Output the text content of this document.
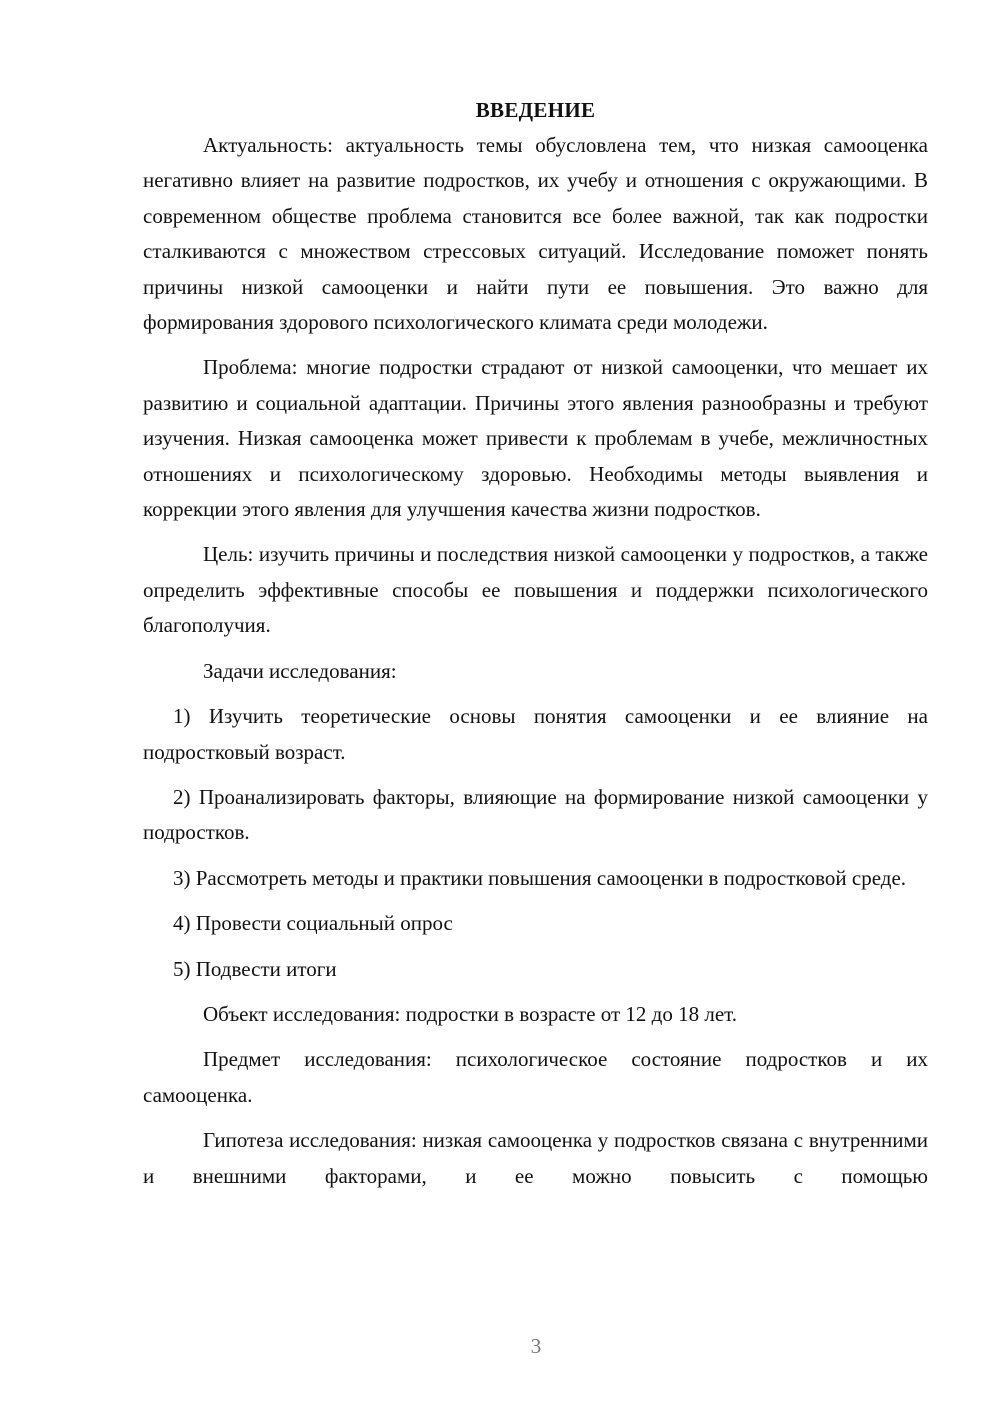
ВВЕДЕНИЕ

Актуальность: актуальность темы обусловлена тем, что низкая самооценка негативно влияет на развитие подростков, их учебу и отношения с окружающими. В современном обществе проблема становится все более важной, так как подростки сталкиваются с множеством стрессовых ситуаций. Исследование поможет понять причины низкой самооценки и найти пути ее повышения. Это важно для формирования здорового психологического климата среди молодежи.

Проблема: многие подростки страдают от низкой самооценки, что мешает их развитию и социальной адаптации. Причины этого явления разнообразны и требуют изучения. Низкая самооценка может привести к проблемам в учебе, межличностных отношениях и психологическому здоровью. Необходимы методы выявления и коррекции этого явления для улучшения качества жизни подростков.

Цель: изучить причины и последствия низкой самооценки у подростков, а также определить эффективные способы ее повышения и поддержки психологического благополучия.

Задачи исследования:

1) Изучить теоретические основы понятия самооценки и ее влияние на подростковый возраст.

2) Проанализировать факторы, влияющие на формирование низкой самооценки у подростков.

3) Рассмотреть методы и практики повышения самооценки в подростковой среде.

4) Провести социальный опрос

5) Подвести итоги

Объект исследования: подростки в возрасте от 12 до 18 лет.

Предмет исследования: психологическое состояние подростков и их самооценка.

Гипотеза исследования: низкая самооценка у подростков связана с внутренними и внешними факторами, и ее можно повысить с помощью

3
